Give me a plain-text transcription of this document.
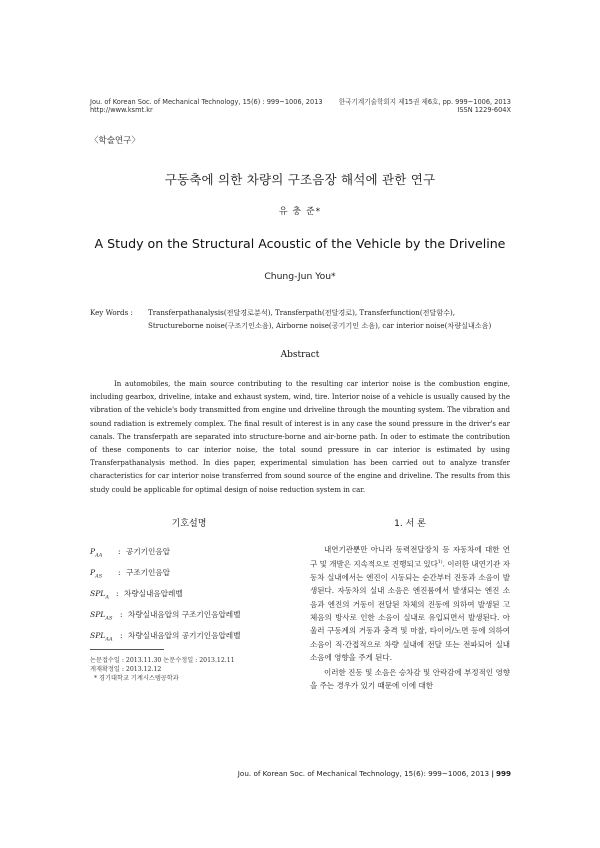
Jou. of Korean Soc. of Mechanical Technology, 15(6) : 999~1006, 2013
http://www.ksmt.kr
한국기계기술학회지 제15권 제6호, pp. 999~1006, 2013
ISSN 1229-604X
〈학술연구〉
구동축에 의한 차량의 구조음장 해석에 관한 연구
유 충 준*
A Study on the Structural Acoustic of the Vehicle by the Driveline
Chung-Jun You*
Key Words : Transferpathanalysis(전달경로분석), Transferpath(전달경로), Transferfunction(전달함수),
Structureborne noise(구조기인소음), Airborne noise(공기기인 소음), car interior noise(차량실내소음)
Abstract
In automobiles, the main source contributing to the resulting car interior noise is the combustion engine, including gearbox, driveline, intake and exhaust system, wind, tire. Interior noise of a vehicle is usually caused by the vibration of the vehicle's body transmitted from engine und driveline through the mounting system. The vibration and sound radiation is extremely complex. The final result of interest is in any case the sound pressure in the driver's ear canals. The transferpath are separated into structure-borne and air-borne path. In oder to estimate the contribution of these components to car interior noise, the total sound pressure in car interior is estimated by using Transferpathanalysis method. In dies paper, experimental simulation has been carried out to analyze transfer characteristics for car interior noise transferred from sound source of the engine and driveline. The results from this study could be applicable for optimal design of noise reduction system in car.
기호설명
$P_{AA}$	: 공기기인음압
$P_{AS}$	: 구조기인음압
$SPL_A$ : 차량실내음압레벨
$SPL_{AS}$ : 차량실내음압의 구조기인음압레벨
$SPL_{AA}$ : 차량실내음압의 공기기인음압레벨
논문접수일 : 2013.11.30 논문수정일 : 2013.12.11
게재확정일 : 2013.12.12
* 경기대학교 기계시스템공학과
1. 서 론

내연기관뿐만 아니라 동력전달장치 등 자동차에 대한 연구 및 개발은 지속적으로 진행되고 있다$^{1)}$. 이러한 내연기관 자동차 실내에서는 엔진이 시동되는 순간부터 진동과 소음이 발생된다. 자동차의 실내 소음은 엔진룸에서 발생되는 엔진 소음과 엔진의 거동이 전달된 차체의 진동에 의하여 발생된 고체음의 방사로 인한 소음이 실내로 유입되면서 발생된다. 아울러 구동계의 거동과 충격 및 마찰, 타이어/노면 등에 의하여 소음이 직·간접적으로 차량 실내에 전달 또는 전파되어 실내 소음에 영향을 주게 된다.

이러한 진동 및 소음은 승차감 및 안락감에 부정적인 영향을 주는 경우가 있기 때문에 이에 대한

Jou. of Korean Soc. of Mechanical Technology, 15(6): 999~1006, 2013 | 999
